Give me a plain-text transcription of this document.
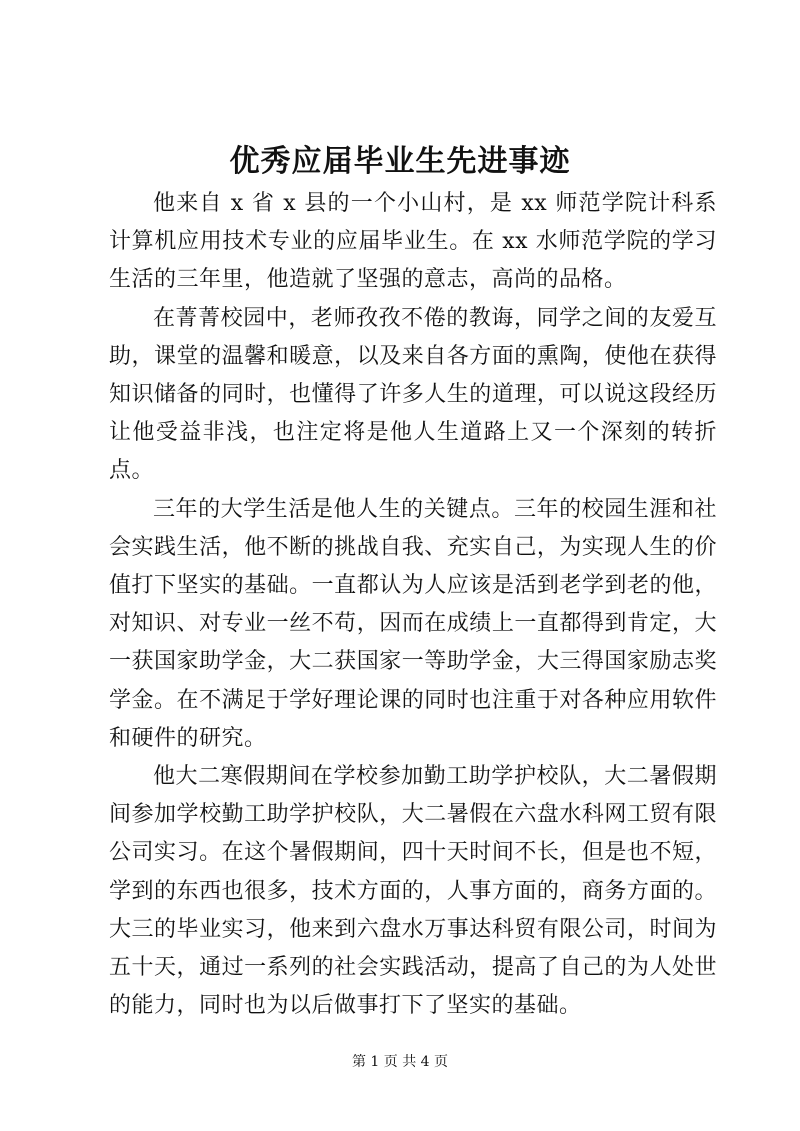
优秀应届毕业生先进事迹

他来自 x 省 x 县的一个小山村，是 xx 师范学院计科系计算机应用技术专业的应届毕业生。在 xx 水师范学院的学习生活的三年里，他造就了坚强的意志，高尚的品格。

在菁菁校园中，老师孜孜不倦的教诲，同学之间的友爱互助，课堂的温馨和暖意，以及来自各方面的熏陶，使他在获得知识储备的同时，也懂得了许多人生的道理，可以说这段经历让他受益非浅，也注定将是他人生道路上又一个深刻的转折点。

三年的大学生活是他人生的关键点。三年的校园生涯和社会实践生活，他不断的挑战自我、充实自己，为实现人生的价值打下坚实的基础。一直都认为人应该是活到老学到老的他，对知识、对专业一丝不苟，因而在成绩上一直都得到肯定，大一获国家助学金，大二获国家一等助学金，大三得国家励志奖学金。在不满足于学好理论课的同时也注重于对各种应用软件和硬件的研究。

他大二寒假期间在学校参加勤工助学护校队，大二暑假期间参加学校勤工助学护校队，大二暑假在六盘水科网工贸有限公司实习。在这个暑假期间，四十天时间不长，但是也不短，学到的东西也很多，技术方面的，人事方面的，商务方面的。大三的毕业实习，他来到六盘水万事达科贸有限公司，时间为五十天，通过一系列的社会实践活动，提高了自己的为人处世的能力，同时也为以后做事打下了坚实的基础。

第 1 页 共 4 页
